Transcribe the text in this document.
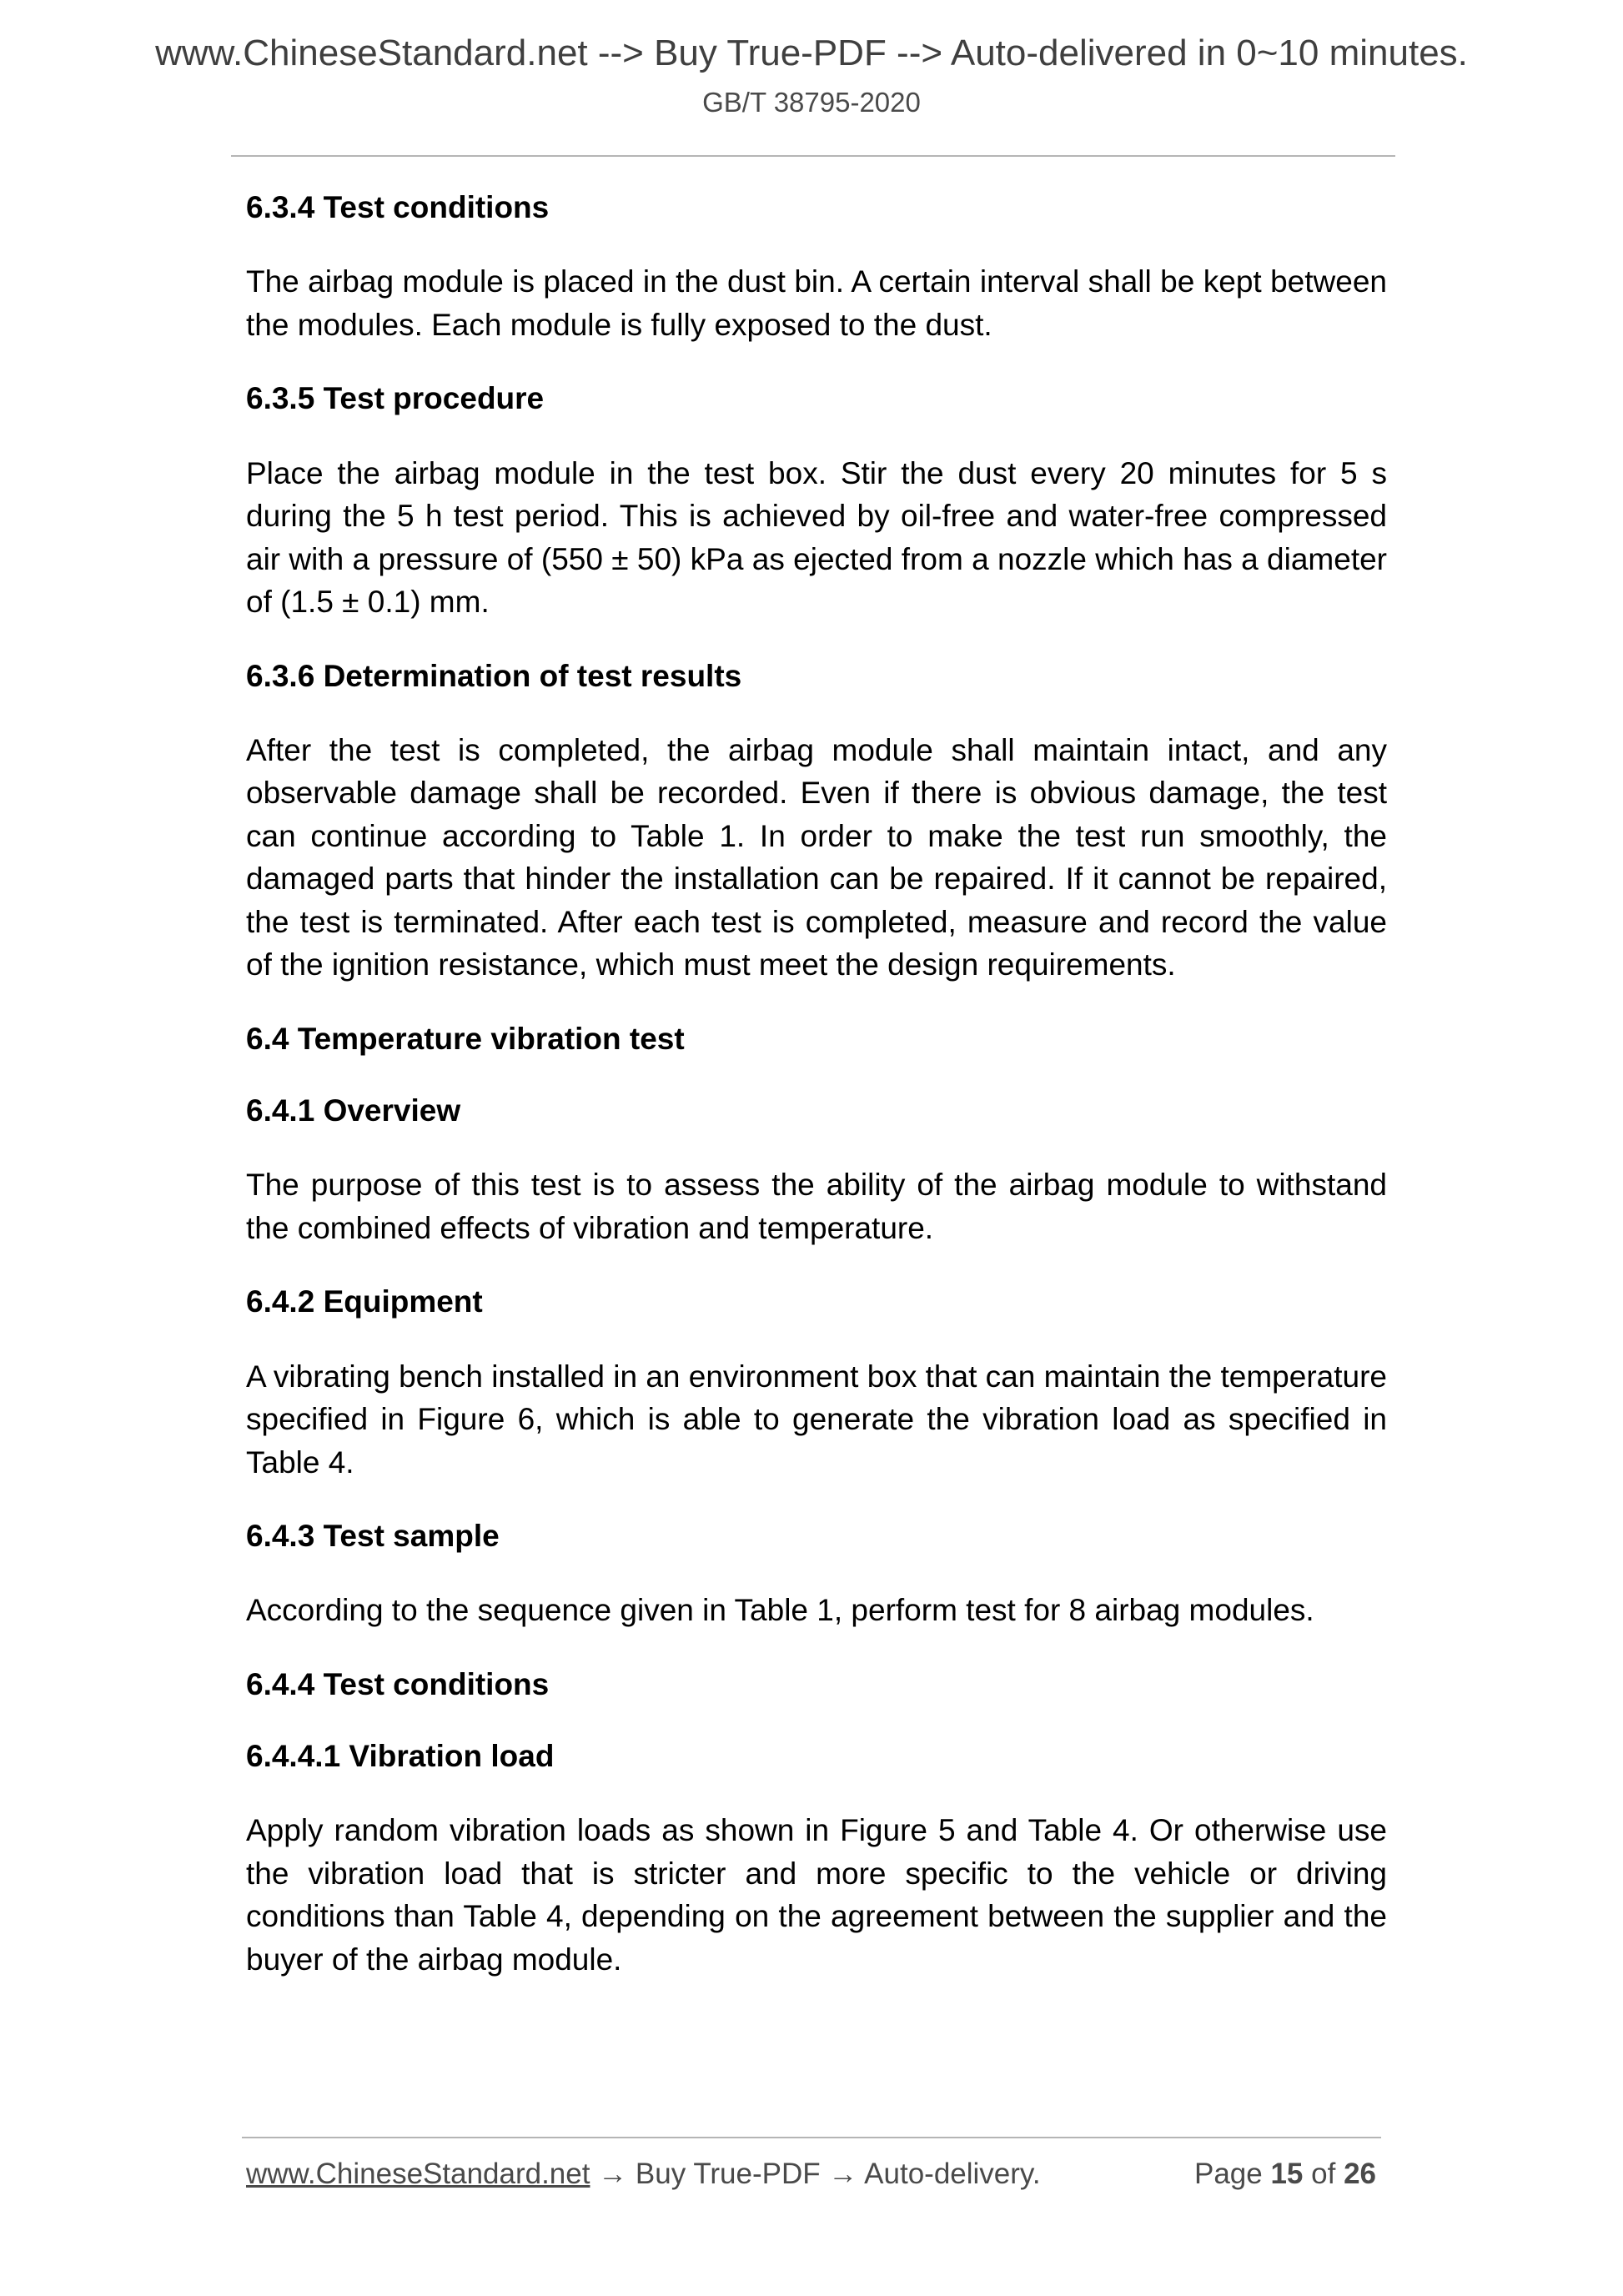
www.ChineseStandard.net --> Buy True-PDF --> Auto-delivered in 0~10 minutes.
GB/T 38795-2020
6.3.4 Test conditions

The airbag module is placed in the dust bin. A certain interval shall be kept between the modules. Each module is fully exposed to the dust.

6.3.5 Test procedure

Place the airbag module in the test box. Stir the dust every 20 minutes for 5 s during the 5 h test period. This is achieved by oil-free and water-free compressed air with a pressure of (550 ± 50) kPa as ejected from a nozzle which has a diameter of (1.5 ± 0.1) mm.

6.3.6 Determination of test results

After the test is completed, the airbag module shall maintain intact, and any observable damage shall be recorded. Even if there is obvious damage, the test can continue according to Table 1. In order to make the test run smoothly, the damaged parts that hinder the installation can be repaired. If it cannot be repaired, the test is terminated. After each test is completed, measure and record the value of the ignition resistance, which must meet the design requirements.

6.4 Temperature vibration test
6.4.1 Overview

The purpose of this test is to assess the ability of the airbag module to withstand the combined effects of vibration and temperature.

6.4.2 Equipment

A vibrating bench installed in an environment box that can maintain the temperature specified in Figure 6, which is able to generate the vibration load as specified in Table 4.

6.4.3 Test sample

According to the sequence given in Table 1, perform test for 8 airbag modules.

6.4.4 Test conditions
6.4.4.1 Vibration load

Apply random vibration loads as shown in Figure 5 and Table 4. Or otherwise use the vibration load that is stricter and more specific to the vehicle or driving conditions than Table 4, depending on the agreement between the supplier and the buyer of the airbag module.

www.ChineseStandard.net → Buy True-PDF → Auto-delivery.	Page 15 of 26
